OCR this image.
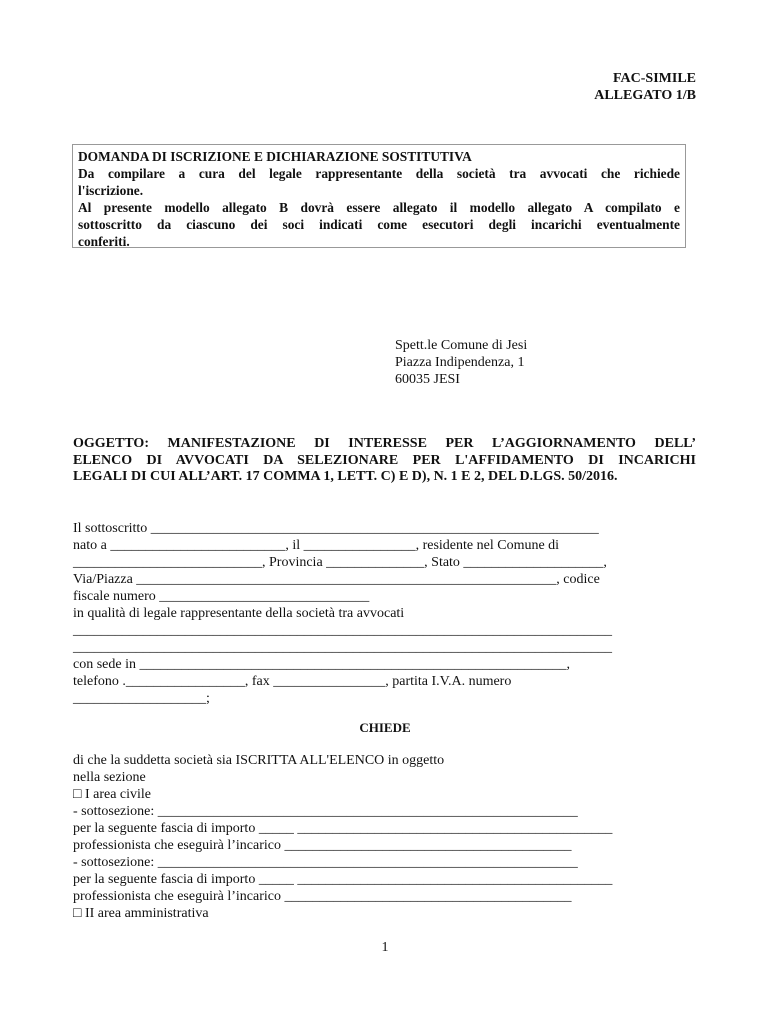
FAC-SIMILE
ALLEGATO 1/B
DOMANDA DI ISCRIZIONE E DICHIARAZIONE SOSTITUTIVA
Da compilare a cura del legale rappresentante della società tra avvocati che richiede
l'iscrizione.
Al presente modello allegato B dovrà essere allegato il modello allegato A compilato e
sottoscritto da ciascuno dei soci indicati come esecutori degli incarichi eventualmente
conferiti.
Spett.le Comune di Jesi
Piazza Indipendenza, 1
60035 JESI
OGGETTO: MANIFESTAZIONE DI INTERESSE PER L’AGGIORNAMENTO DELL’
ELENCO DI AVVOCATI DA SELEZIONARE PER L'AFFIDAMENTO DI INCARICHI
LEGALI DI CUI ALL’ART. 17 COMMA 1, LETT. C) E D), N. 1 E 2, DEL D.LGS. 50/2016.
Il sottoscritto ________________________________________________________________
nato a _________________________, il ________________, residente nel Comune di
___________________________, Provincia ______________, Stato ____________________,
Via/Piazza ____________________________________________________________, codice
fiscale numero ______________________________
in qualità di legale rappresentante della società tra avvocati
_____________________________________________________________________________
_____________________________________________________________________________
con sede in _____________________________________________________________,
telefono ._________________, fax ________________, partita I.V.A. numero
___________________;
CHIEDE
di che la suddetta società sia ISCRITTA ALL'ELENCO in oggetto
nella sezione
□ I area civile
- sottosezione: ____________________________________________________________
per la seguente fascia di importo _____ _____________________________________________
professionista che eseguirà l’incarico _________________________________________
- sottosezione: ____________________________________________________________
per la seguente fascia di importo _____ _____________________________________________
professionista che eseguirà l’incarico _________________________________________
□ II area amministrativa
1
